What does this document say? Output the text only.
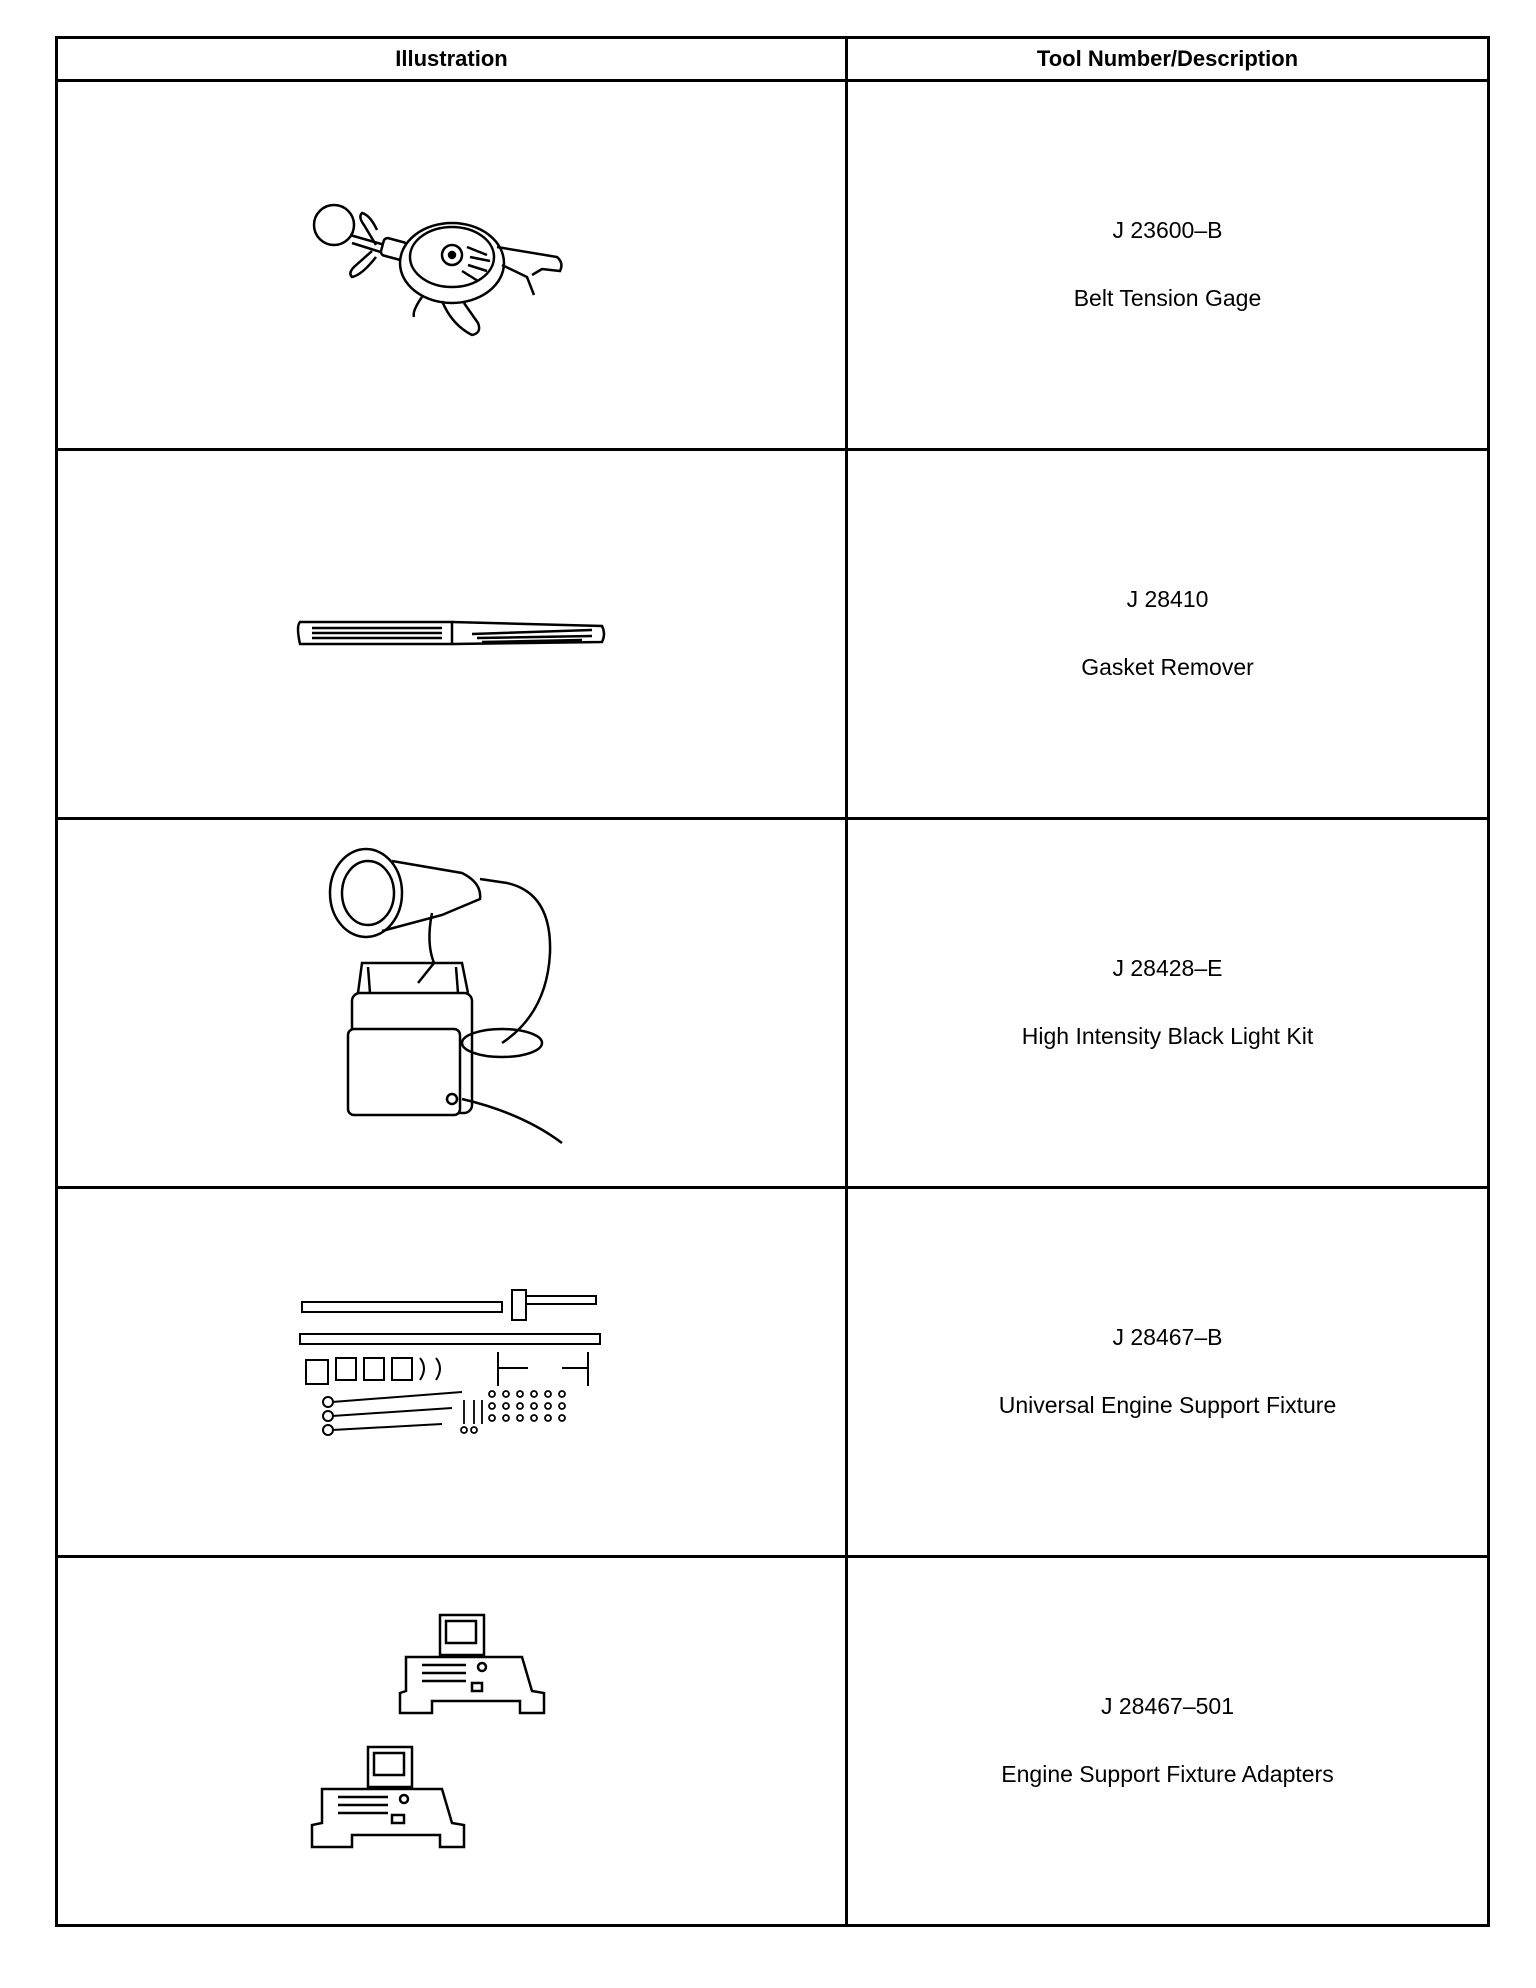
Illustration	Tool Number/Description

J 23600–B
Belt Tension Gage

J 28410
Gasket Remover

J 28428–E
High Intensity Black Light Kit

J 28467–B
Universal Engine Support Fixture

J 28467–501
Engine Support Fixture Adapters
